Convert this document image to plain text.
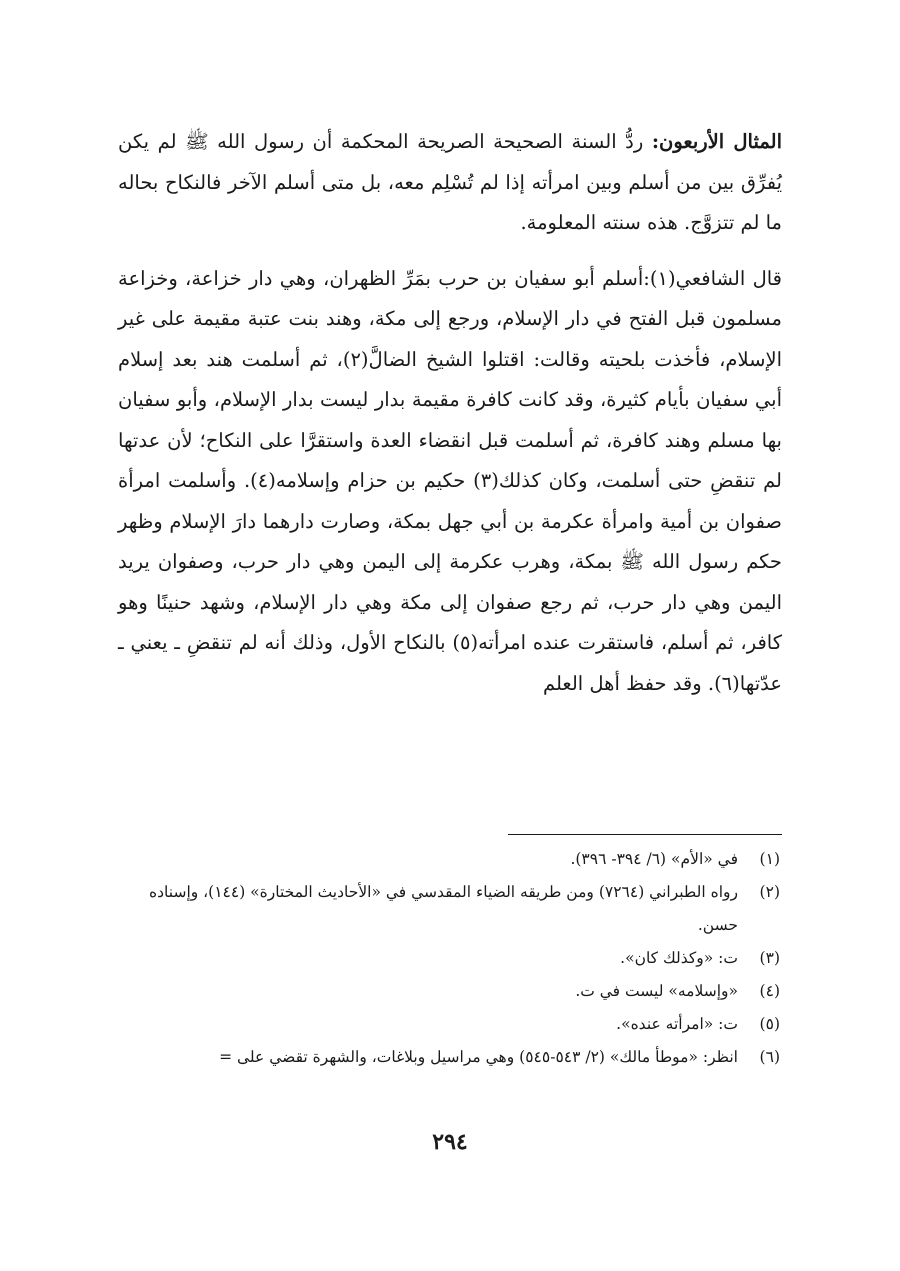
المثال الأربعون: ردُّ السنة الصحيحة الصريحة المحكمة أن رسول الله ﷺ لم يكن يُفرِّق بين من أسلم وبين امرأته إذا لم تُسْلِم معه، بل متى أسلم الآخر فالنكاح بحاله ما لم تتزوَّج. هذه سنته المعلومة.

قال الشافعي(١):أسلم أبو سفيان بن حرب بمَرِّ الظهران، وهي دار خزاعة، وخزاعة مسلمون قبل الفتح في دار الإسلام، ورجع إلى مكة، وهند بنت عتبة مقيمة على غير الإسلام، فأخذت بلحيته وقالت: اقتلوا الشيخ الضالَّ(٢)، ثم أسلمت هند بعد إسلام أبي سفيان بأيام كثيرة، وقد كانت كافرة مقيمة بدار ليست بدار الإسلام، وأبو سفيان بها مسلم وهند كافرة، ثم أسلمت قبل انقضاء العدة واستقرَّا على النكاح؛ لأن عدتها لم تنقضِ حتى أسلمت، وكان كذلك(٣) حكيم بن حزام وإسلامه(٤). وأسلمت امرأة صفوان بن أمية وامرأة عكرمة بن أبي جهل بمكة، وصارت دارهما دارَ الإسلام وظهر حكم رسول الله ﷺ بمكة، وهرب عكرمة إلى اليمن وهي دار حرب، وصفوان يريد اليمن وهي دار حرب، ثم رجع صفوان إلى مكة وهي دار الإسلام، وشهد حنينًا وهو كافر، ثم أسلم، فاستقرت عنده امرأته(٥) بالنكاح الأول، وذلك أنه لم تنقضِ ـ يعني ـ عدّتها(٦). وقد حفظ أهل العلم

(١)
في «الأم» (٦/ ٣٩٤- ٣٩٦).
(٢)
رواه الطبراني (٧٢٦٤) ومن طريقه الضياء المقدسي في «الأحاديث المختارة» (١٤٤)، وإسناده حسن.
(٣)
ت: «وكذلك كان».
(٤)
«وإسلامه» ليست في ت.
(٥)
ت: «امرأته عنده».
(٦)
انظر: «موطأ مالك» (٢/ ٥٤٣-٥٤٥) وهي مراسيل وبلاغات، والشهرة تقضي على =
٢٩٤
